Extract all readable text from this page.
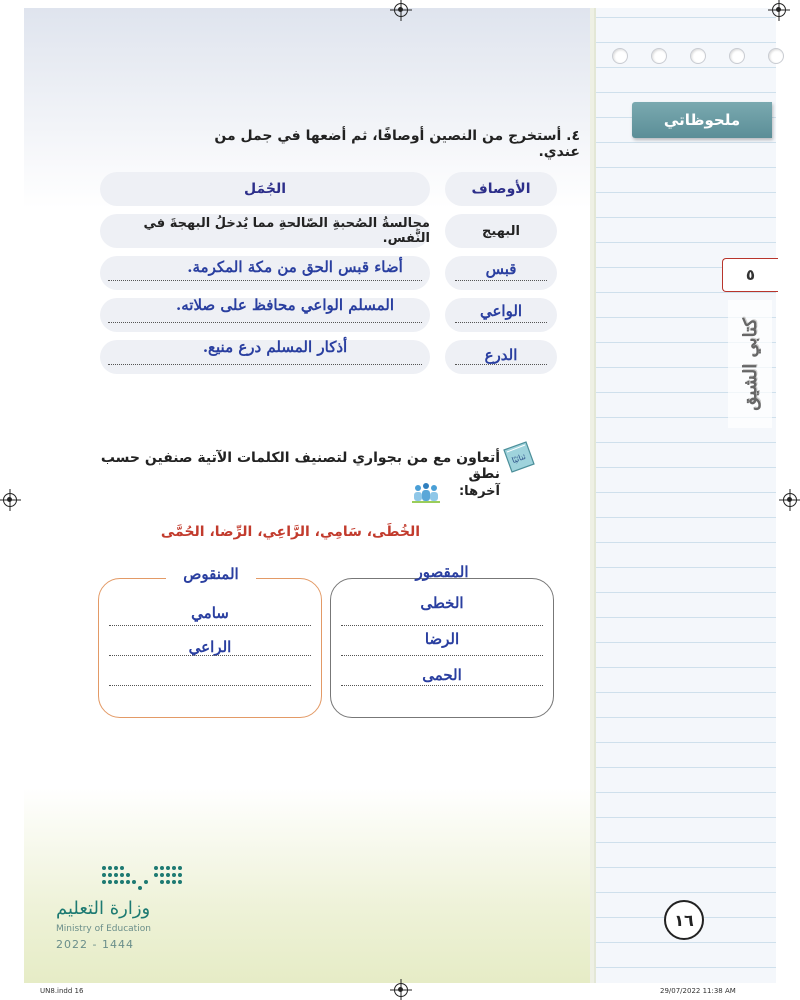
ملحوظاتي
٥
كتابي الشيق
١٦
٤. أستخرج من النصين أوصافًا، ثم أضعها في جمل من عندي.
الأوصاف
الجُمَل
البهيج
مجالسةُ الصُحبةِ الصّالحةِ مما يُدخلُ البهجةَ في النَّفس.
قبس
أضاء قبس الحق من مكة المكرمة.
الواعي
المسلم الواعي محافظ على صلاته.
الدرع
أذكار المسلم درع منيع.
ثنائيًا
أتعاون مع من بجواري لتصنيف الكلمات الآتية صنفين حسب نطق
آخرها:
الخُطَى، سَامِي، الرَّاعِي، الرِّضا، الحُمَّى
المنقوص
سامي
الراعي
المقصور
الخطى
الرضا
الحمى
وزارة التعليم
Ministry of Education
2022 - 1444
UN8.indd 16	29/07/2022 11:38 AM
